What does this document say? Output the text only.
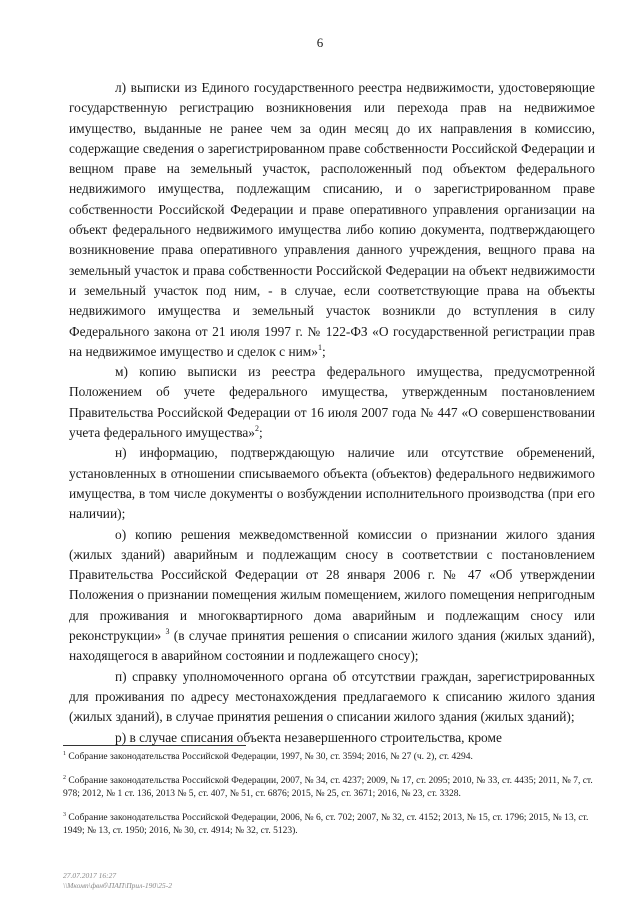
6

л) выписки из Единого государственного реестра недвижимости, удостоверяющие государственную регистрацию возникновения или перехода прав на недвижимое имущество, выданные не ранее чем за один месяц до их направления в комиссию, содержащие сведения о зарегистрированном праве собственности Российской Федерации и вещном праве на земельный участок, расположенный под объектом федерального недвижимого имущества, подлежащим списанию, и о зарегистрированном праве собственности Российской Федерации и праве оперативного управления организации на объект федерального недвижимого имущества либо копию документа, подтверждающего возникновение права оперативного управления данного учреждения, вещного права на земельный участок и права собственности Российской Федерации на объект недвижимости и земельный участок под ним, - в случае, если соответствующие права на объекты недвижимого имущества и земельный участок возникли до вступления в силу Федерального закона от 21 июля 1997 г. № 122-ФЗ «О государственной регистрации прав на недвижимое имущество и сделок с ним»$^1$;

м) копию выписки из реестра федерального имущества, предусмотренной Положением об учете федерального имущества, утвержденным постановлением Правительства Российской Федерации от 16 июля 2007 года № 447 «О совершенствовании учета федерального имущества»$^2$;

н) информацию, подтверждающую наличие или отсутствие обременений, установленных в отношении списываемого объекта (объектов) федерального недвижимого имущества, в том числе документы о возбуждении исполнительного производства (при его наличии);

о) копию решения межведомственной комиссии о признании жилого здания (жилых зданий) аварийным и подлежащим сносу в соответствии с постановлением Правительства Российской Федерации от 28 января 2006 г. № 47 «Об утверждении Положения о признании помещения жилым помещением, жилого помещения непригодным для проживания и многоквартирного дома аварийным и подлежащим сносу или реконструкции» $^3$ (в случае принятия решения о списании жилого здания (жилых зданий), находящегося в аварийном состоянии и подлежащего сносу);

п) справку уполномоченного органа об отсутствии граждан, зарегистрированных для проживания по адресу местонахождения предлагаемого к списанию жилого здания (жилых зданий), в случае принятия решения о списании жилого здания (жилых зданий);

р) в случае списания объекта незавершенного строительства, кроме

$^1$ Собрание законодательства Российской Федерации, 1997, № 30, ст. 3594; 2016, № 27 (ч. 2), ст. 4294.

$^2$ Собрание законодательства Российской Федерации, 2007, № 34, ст. 4237; 2009, № 17, ст. 2095; 2010, № 33, ст. 4435; 2011, № 7, ст. 978; 2012, № 1 ст. 136, 2013 № 5, ст. 407, № 51, ст. 6876; 2015, № 25, ст. 3671; 2016, № 23, ст. 3328.

$^3$ Собрание законодательства Российской Федерации, 2006, № 6, ст. 702; 2007, № 32, ст. 4152; 2013, № 15, ст. 1796; 2015, № 13, ст. 1949; № 13, ст. 1950; 2016, № 30, ст. 4914; № 32, ст. 5123).

27.07.2017 16:27
\\Мкомп\фвнб\ПАП\Прил-190\25-2
